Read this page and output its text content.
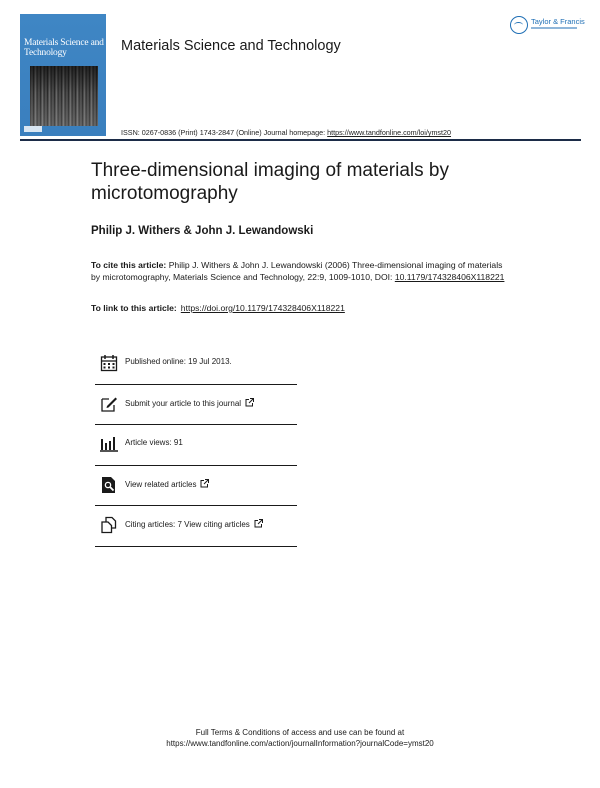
Materials Science and Technology	Materials Science and Technology
ISSN: 0267-0836 (Print) 1743-2847 (Online) Journal homepage: https://www.tandfonline.com/loi/ymst20
Taylor & Francis
Three-dimensional imaging of materials by microtomography
Philip J. Withers & John J. Lewandowski
To cite this article: Philip J. Withers & John J. Lewandowski (2006) Three-dimensional imaging of materials by microtomography, Materials Science and Technology, 22:9, 1009-1010, DOI: 10.1179/174328406X118221
To link to this article: https://doi.org/10.1179/174328406X118221
Published online: 19 Jul 2013.
Submit your article to this journal
Article views: 91
View related articles
Citing articles: 7 View citing articles
Full Terms & Conditions of access and use can be found at
https://www.tandfonline.com/action/journalInformation?journalCode=ymst20
